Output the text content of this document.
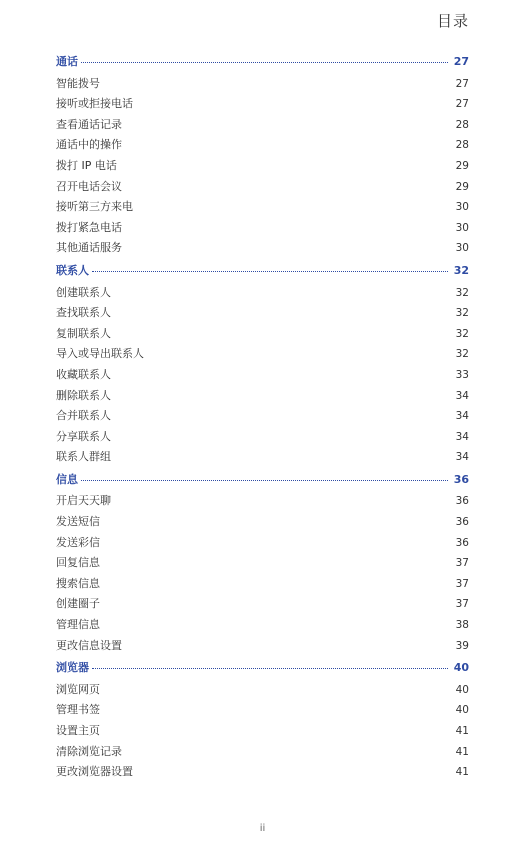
目录
通话	27
智能拨号	27
接听或拒接电话	27
查看通话记录	28
通话中的操作	28
拨打 IP 电话	29
召开电话会议	29
接听第三方来电	30
拨打紧急电话	30
其他通话服务	30
联系人	32
创建联系人	32
查找联系人	32
复制联系人	32
导入或导出联系人	32
收藏联系人	33
删除联系人	34
合并联系人	34
分享联系人	34
联系人群组	34
信息	36
开启天天聊	36
发送短信	36
发送彩信	36
回复信息	37
搜索信息	37
创建圈子	37
管理信息	38
更改信息设置	39
浏览器	40
浏览网页	40
管理书签	40
设置主页	41
清除浏览记录	41
更改浏览器设置	41
ii
